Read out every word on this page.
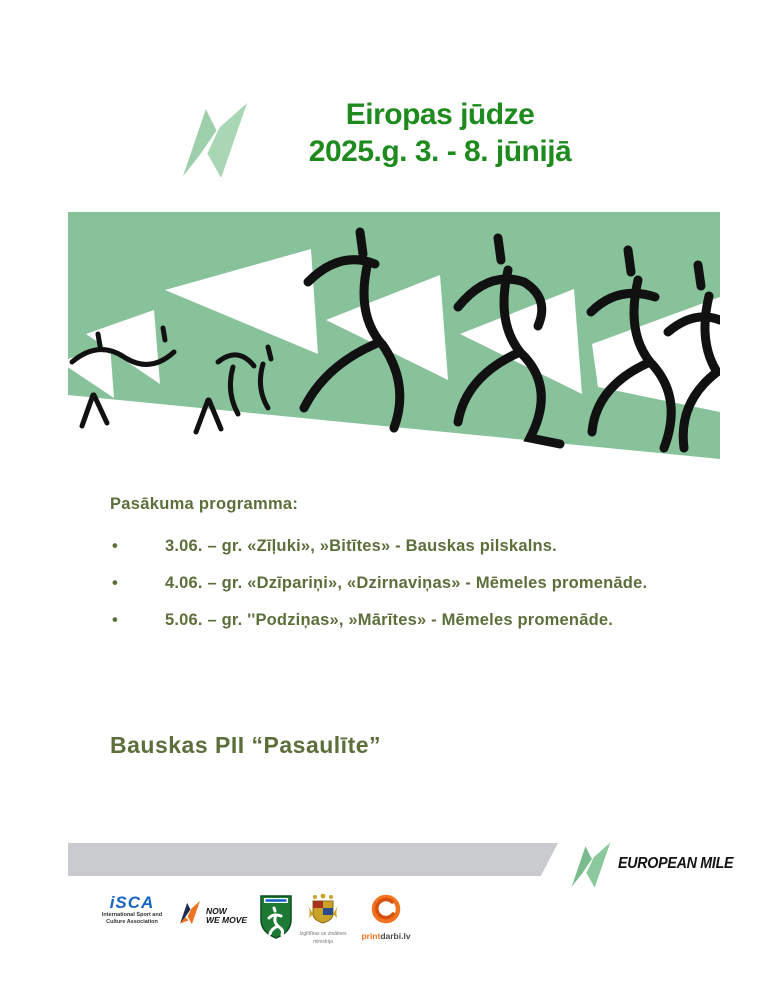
Eiropas jūdze
2025.g. 3. - 8. jūnijā

Pasākuma programma:

•	3.06. – gr. «Zīļuki», »Bitītes» - Bauskas pilskalns.
•	4.06. – gr. «Dzīpariņi», «Dzirnaviņas» - Mēmeles promenāde.
•	5.06. – gr. ''Podziņas», »Mārītes» - Mēmeles promenāde.
Bauskas PII “Pasaulīte”
EUROPEAN MILE
iSCA
International Sport and
Culture Association
NOW
WE MOVE
Izglītības un zinātnes
ministrija
printdarbi.lv
